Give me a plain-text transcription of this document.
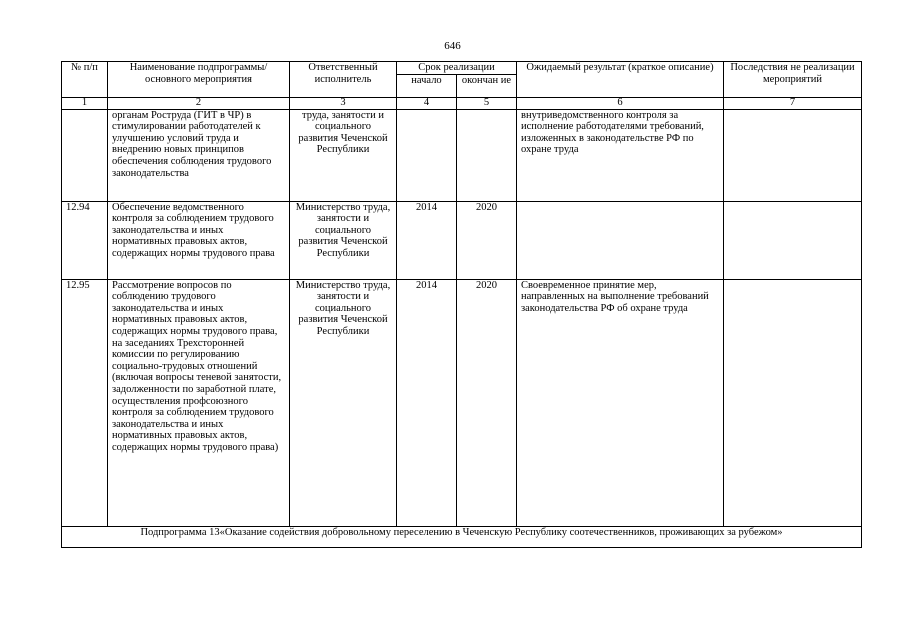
646
№ п/п	Наименование подпрограммы/ основного мероприятия	Ответственный исполнитель	Срок реализации		Ожидаемый результат (краткое описание)	Последствия не реализации мероприятий
			начало	окончан ие		
1	2	3	4	5	6	7
	органам Роструда (ГИТ в ЧР) в стимулировании работодателей к улучшению условий труда и внедрению новых принципов обеспечения соблюдения трудового законодательства	труда, занятости и социального развития Чеченской Республики			внутриведомственного контроля за исполнение работодателями требований, изложенных в законодательстве РФ по охране труда	
12.94	Обеспечение ведомственного контроля за соблюдением трудового законодательства и иных нормативных правовых актов, содержащих нормы трудового права	Министерство труда, занятости и социального развития Чеченской Республики	2014	2020		
12.95	Рассмотрение вопросов по соблюдению трудового законодательства и иных нормативных правовых актов, содержащих нормы трудового права, на заседаниях Трехсторонней комиссии по регулированию социально-трудовых отношений (включая вопросы теневой занятости, задолженности по заработной плате, осуществления профсоюзного контроля за соблюдением трудового законодательства и иных нормативных правовых актов, содержащих нормы трудового права)	Министерство труда, занятости и социального развития Чеченской Республики	2014	2020	Своевременное принятие мер, направленных на выполнение требований законодательства РФ об охране труда	
Подпрограмма 13«Оказание содействия добровольному переселению в Чеченскую Республику соотечественников, проживающих за рубежом»						
